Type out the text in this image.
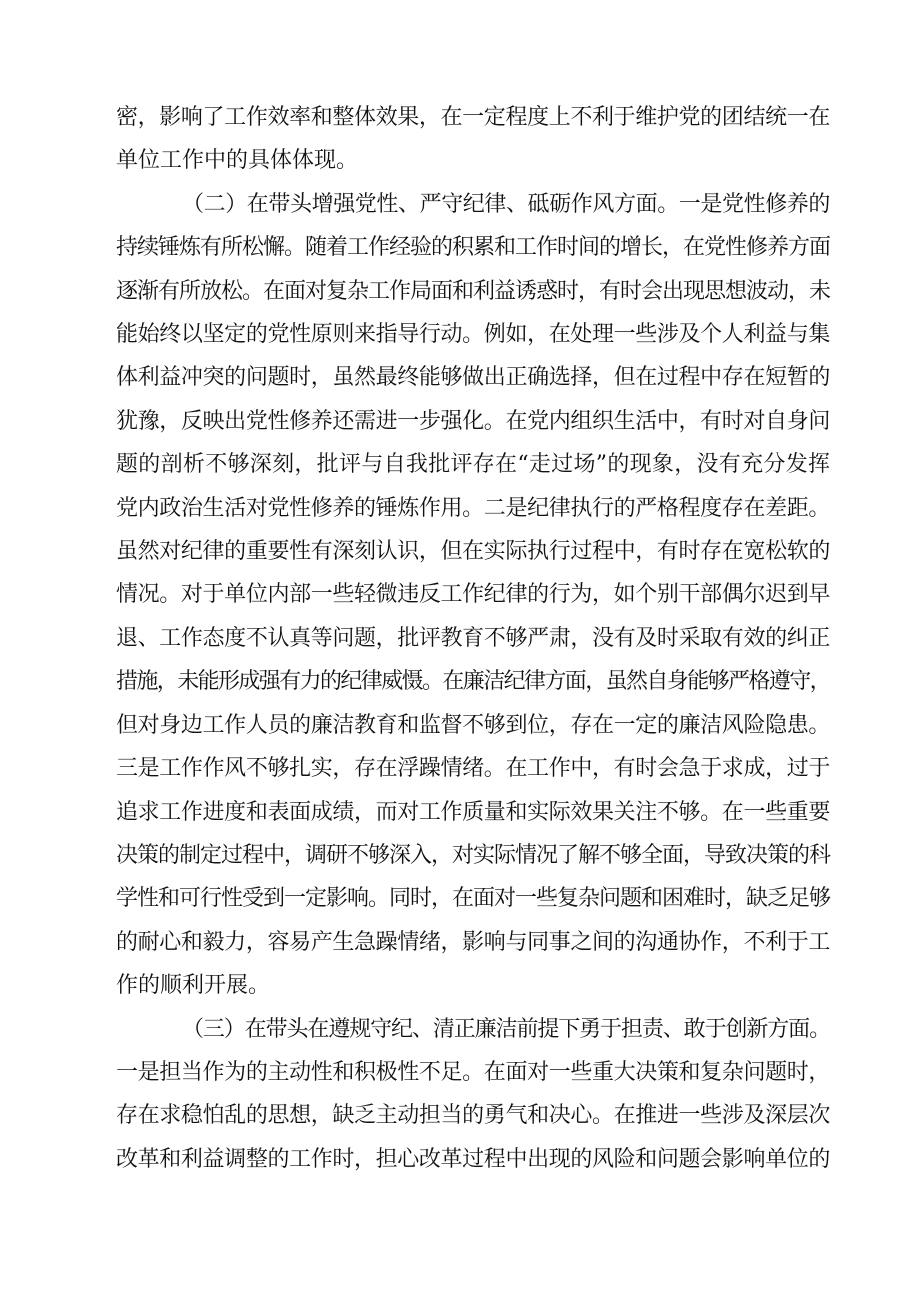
密，影响了工作效率和整体效果，在一定程度上不利于维护党的团结统一在
单位工作中的具体体现。
（二）在带头增强党性、严守纪律、砥砺作风方面。一是党性修养的
持续锤炼有所松懈。随着工作经验的积累和工作时间的增长，在党性修养方面
逐渐有所放松。在面对复杂工作局面和利益诱惑时，有时会出现思想波动，未
能始终以坚定的党性原则来指导行动。例如，在处理一些涉及个人利益与集
体利益冲突的问题时，虽然最终能够做出正确选择，但在过程中存在短暂的
犹豫，反映出党性修养还需进一步强化。在党内组织生活中，有时对自身问
题的剖析不够深刻，批评与自我批评存在“走过场”的现象，没有充分发挥
党内政治生活对党性修养的锤炼作用。二是纪律执行的严格程度存在差距。
虽然对纪律的重要性有深刻认识，但在实际执行过程中，有时存在宽松软的
情况。对于单位内部一些轻微违反工作纪律的行为，如个别干部偶尔迟到早
退、工作态度不认真等问题，批评教育不够严肃，没有及时采取有效的纠正
措施，未能形成强有力的纪律威慑。在廉洁纪律方面，虽然自身能够严格遵守，
但对身边工作人员的廉洁教育和监督不够到位，存在一定的廉洁风险隐患。
三是工作作风不够扎实，存在浮躁情绪。在工作中，有时会急于求成，过于
追求工作进度和表面成绩，而对工作质量和实际效果关注不够。在一些重要
决策的制定过程中，调研不够深入，对实际情况了解不够全面，导致决策的科
学性和可行性受到一定影响。同时，在面对一些复杂问题和困难时，缺乏足够
的耐心和毅力，容易产生急躁情绪，影响与同事之间的沟通协作，不利于工
作的顺利开展。
（三）在带头在遵规守纪、清正廉洁前提下勇于担责、敢于创新方面。
一是担当作为的主动性和积极性不足。在面对一些重大决策和复杂问题时，
存在求稳怕乱的思想，缺乏主动担当的勇气和决心。在推进一些涉及深层次
改革和利益调整的工作时，担心改革过程中出现的风险和问题会影响单位的
